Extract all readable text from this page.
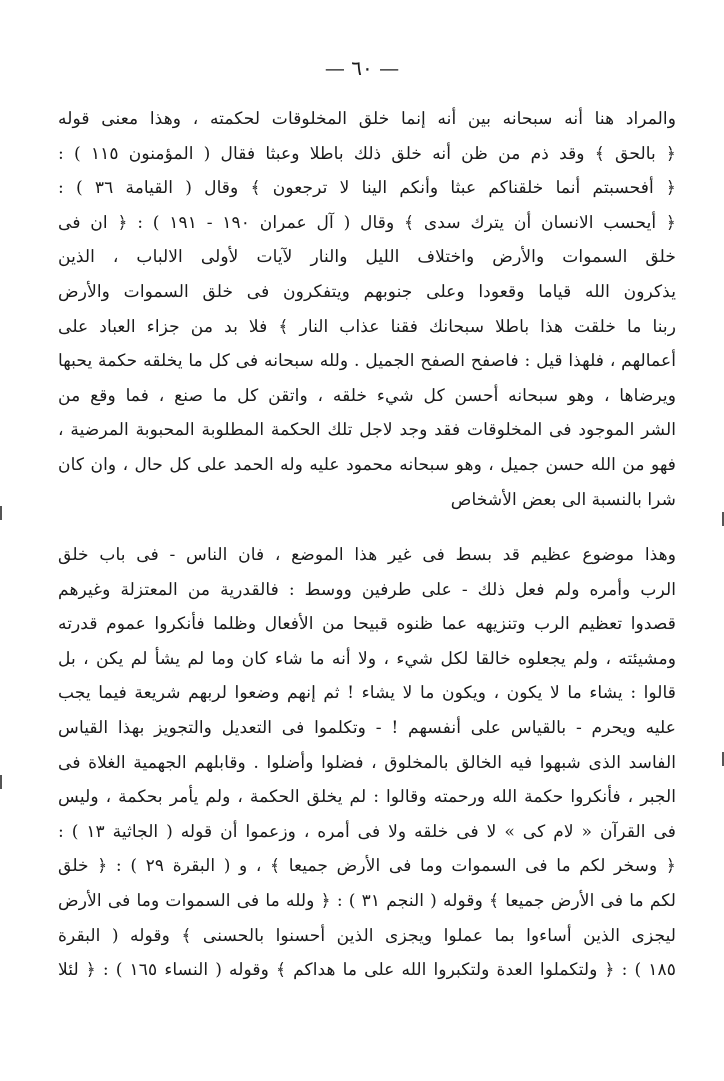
— ٦٠ —
والمراد هنا أنه سبحانه بين أنه إنما خلق المخلوقات لحكمته ، وهذا معنى قوله
﴿ بالحق ﴾ وقد ذم من ظن أنه خلق ذلك باطلا وعبثا فقال ( المؤمنون ١١٥ ) :
﴿ أفحسبتم أنما خلقناكم عبثا وأنكم الينا لا ترجعون ﴾ وقال ( القيامة ٣٦ ) :
﴿ أيحسب الانسان أن يترك سدى ﴾ وقال ( آل عمران ١٩٠ - ١٩١ ) : ﴿ ان فى
خلق السموات والأرض واختلاف الليل والنار لآيات لأولى الالباب ، الذين
يذكرون الله قياما وقعودا وعلى جنوبهم ويتفكرون فى خلق السموات والأرض
ربنا ما خلقت هذا باطلا سبحانك فقنا عذاب النار ﴾ فلا بد من جزاء العباد على
أعمالهم ، فلهذا قيل : فاصفح الصفح الجميل . ولله سبحانه فى كل ما يخلقه حكمة يحبها
ويرضاها ، وهو سبحانه أحسن كل شيء خلقه ، واتقن كل ما صنع ، فما وقع من
الشر الموجود فى المخلوقات فقد وجد لاجل تلك الحكمة المطلوبة المحبوبة المرضية ،
فهو من الله حسن جميل ، وهو سبحانه محمود عليه وله الحمد على كل حال ، وان كان
شرا بالنسبة الى بعض الأشخاص
وهذا موضوع عظيم قد بسط فى غير هذا الموضع ، فان الناس - فى باب خلق
الرب وأمره ولم فعل ذلك - على طرفين ووسط : فالقدرية من المعتزلة وغيرهم
قصدوا تعظيم الرب وتنزيهه عما ظنوه قبيحا من الأفعال وظلما فأنكروا عموم قدرته
ومشيئته ، ولم يجعلوه خالقا لكل شيء ، ولا أنه ما شاء كان وما لم يشأ لم يكن ، بل
قالوا : يشاء ما لا يكون ، ويكون ما لا يشاء ! ثم إنهم وضعوا لربهم شريعة فيما يجب
عليه ويحرم - بالقياس على أنفسهم ! - وتكلموا فى التعديل والتجويز بهذا القياس
الفاسد الذى شبهوا فيه الخالق بالمخلوق ، فضلوا وأضلوا . وقابلهم الجهمية الغلاة فى
الجبر ، فأنكروا حكمة الله ورحمته وقالوا : لم يخلق الحكمة ، ولم يأمر بحكمة ، وليس
فى القرآن « لام كى » لا فى خلقه ولا فى أمره ، وزعموا أن قوله ( الجاثية ١٣ ) :
﴿ وسخر لكم ما فى السموات وما فى الأرض جميعا ﴾ ، و ( البقرة ٢٩ ) : ﴿ خلق
لكم ما فى الأرض جميعا ﴾ وقوله ( النجم ٣١ ) : ﴿ ولله ما فى السموات وما فى الأرض
ليجزى الذين أساءوا بما عملوا ويجزى الذين أحسنوا بالحسنى ﴾ وقوله ( البقرة
١٨٥ ) : ﴿ ولتكملوا العدة ولتكبروا الله على ما هداكم ﴾ وقوله ( النساء ١٦٥ ) : ﴿ لئلا
